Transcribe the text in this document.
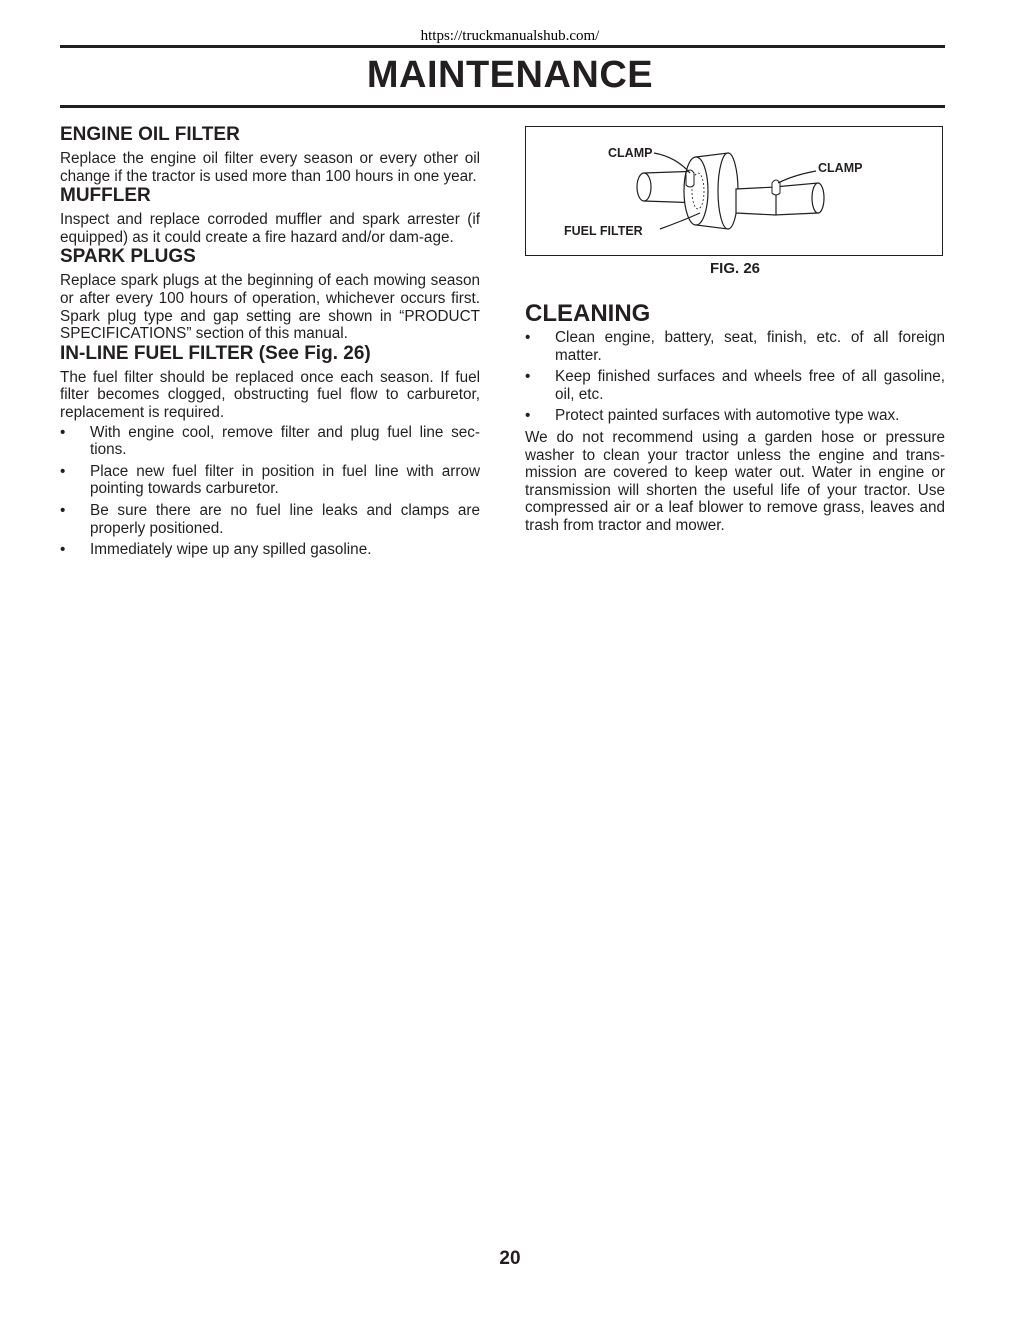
https://truckmanualshub.com/
MAINTENANCE
ENGINE OIL FILTER

Replace the engine oil filter every season or every other oil change if the tractor is used more than 100 hours in one year.

MUFFLER

Inspect and replace corroded muffler and spark arrester (if equipped) as it could create a fire hazard and/or dam-age.

SPARK PLUGS

Replace spark plugs at the beginning of each mowing season or after every 100 hours of operation, whichever occurs first. Spark plug type and gap setting are shown in “PRODUCT SPECIFICATIONS” section of this manual.

IN-LINE FUEL FILTER (See Fig. 26)

The fuel filter should be replaced once each season. If fuel filter becomes clogged, obstructing fuel flow to carburetor, replacement is required.

• With engine cool, remove filter and plug fuel line sec-tions.
• Place new fuel filter in position in fuel line with arrow pointing towards carburetor.
• Be sure there are no fuel line leaks and clamps are properly positioned.
• Immediately wipe up any spilled gasoline.
CLAMP
CLAMP
FUEL FILTER
FIG. 26
CLEANING
• Clean engine, battery, seat, finish, etc. of all foreign matter.
• Keep finished surfaces and wheels free of all gasoline, oil, etc.
• Protect painted surfaces with automotive type wax.

We do not recommend using a garden hose or pressure washer to clean your tractor unless the engine and trans-mission are covered to keep water out. Water in engine or transmission will shorten the useful life of your tractor. Use compressed air or a leaf blower to remove grass, leaves and trash from tractor and mower.

20
